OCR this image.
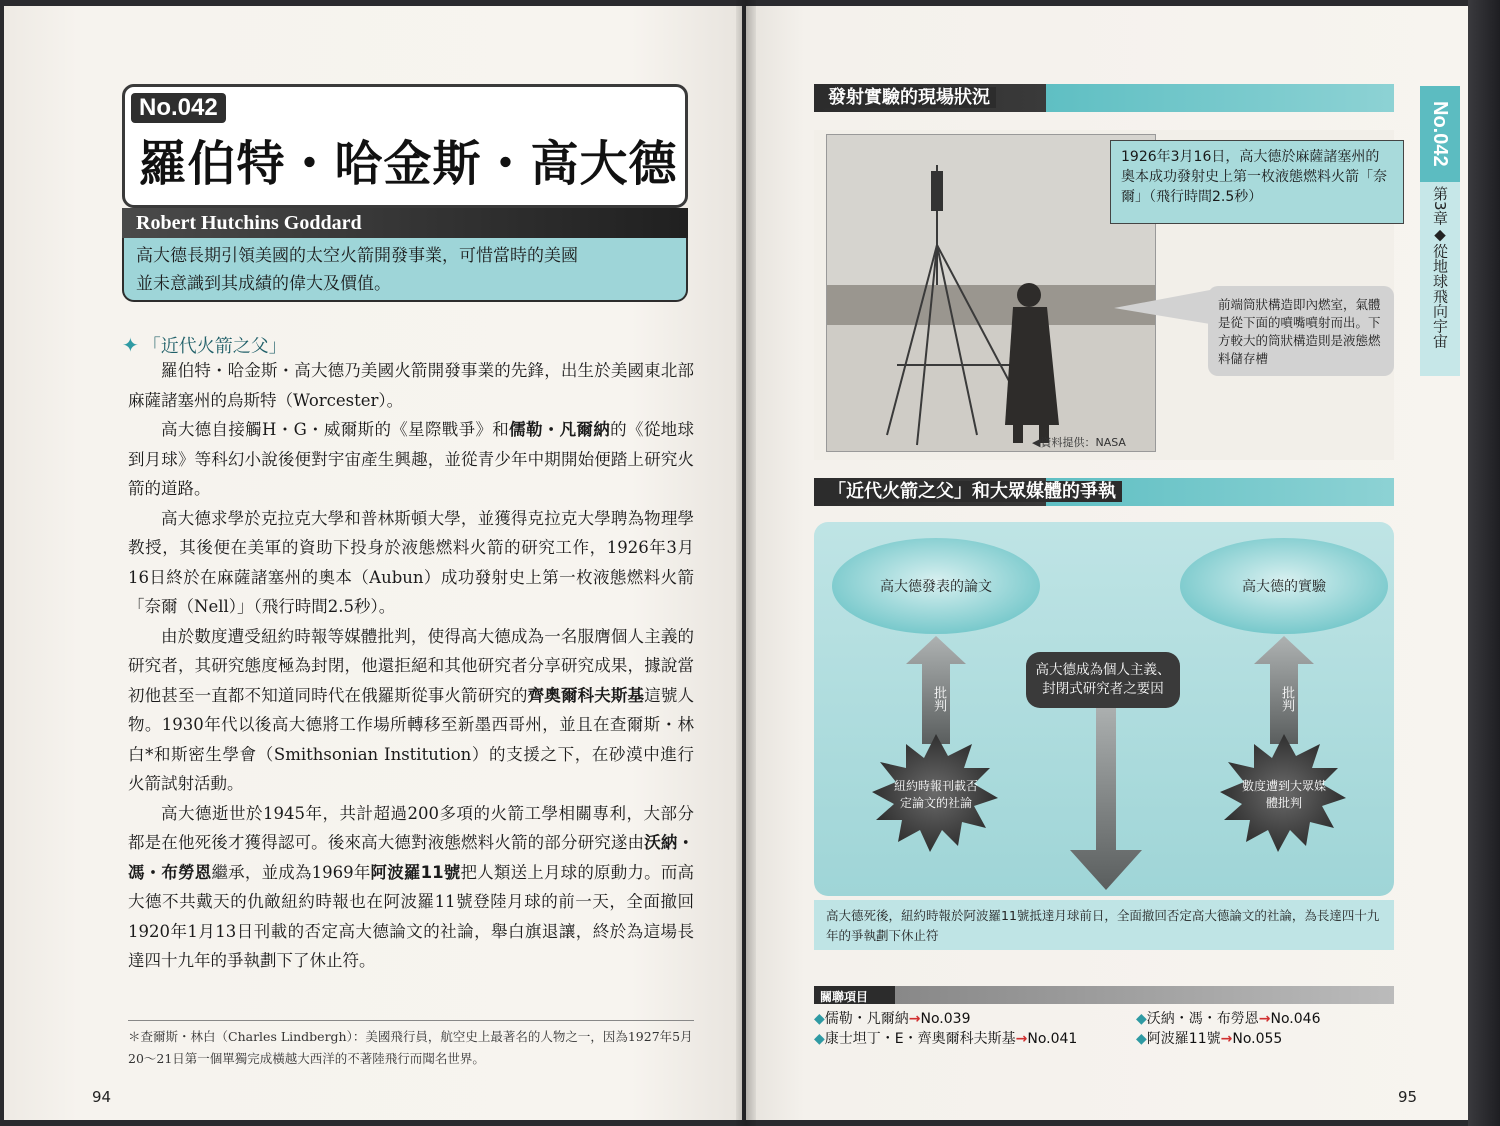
No.042
羅伯特・哈金斯・高大德
Robert Hutchins Goddard
高大德長期引領美國的太空火箭開發事業，可惜當時的美國
並未意識到其成績的偉大及價值。
✦ 「近代火箭之父」

羅伯特・哈金斯・高大德乃美國火箭開發事業的先鋒，出生於美國東北部麻薩諸塞州的烏斯特（Worcester）。

高大德自接觸H・G・威爾斯的《星際戰爭》和儒勒・凡爾納的《從地球到月球》等科幻小說後便對宇宙產生興趣，並從青少年中期開始便踏上研究火箭的道路。

高大德求學於克拉克大學和普林斯頓大學，並獲得克拉克大學聘為物理學教授，其後便在美軍的資助下投身於液態燃料火箭的研究工作，1926年3月16日終於在麻薩諸塞州的奧本（Aubun）成功發射史上第一枚液態燃料火箭「奈爾（Nell）」（飛行時間2.5秒）。

由於數度遭受紐約時報等媒體批判，使得高大德成為一名服膺個人主義的研究者，其研究態度極為封閉，他還拒絕和其他研究者分享研究成果，據說當初他甚至一直都不知道同時代在俄羅斯從事火箭研究的齊奧爾科夫斯基這號人物。1930年代以後高大德將工作場所轉移至新墨西哥州，並且在查爾斯・林白*和斯密生學會（Smithsonian Institution）的支援之下，在砂漠中進行火箭試射活動。

高大德逝世於1945年，共計超過200多項的火箭工學相關專利，大部分都是在他死後才獲得認可。後來高大德對液態燃料火箭的部分研究遂由沃納・馮・布勞恩繼承，並成為1969年阿波羅11號把人類送上月球的原動力。而高大德不共戴天的仇敵紐約時報也在阿波羅11號登陸月球的前一天，全面撤回1920年1月13日刊載的否定高大德論文的社論，舉白旗退讓，終於為這場長達四十九年的爭執劃下了休止符。

＊查爾斯・林白（Charles Lindbergh）：美國飛行員，航空史上最著名的人物之一，因為1927年5月20～21日第一個單獨完成橫越大西洋的不著陸飛行而聞名世界。
94
發射實驗的現場狀況
1926年3月16日，高大德於麻薩諸塞州的奧本成功發射史上第一枚液態燃料火箭「奈爾」（飛行時間2.5秒）
前端筒狀構造即內燃室，氣體是從下面的噴嘴噴射而出。下方較大的筒狀構造則是液態燃料儲存槽
◀資料提供：NASA
「近代火箭之父」和大眾媒體的爭執
高大德發表的論文	高大德的實驗
批判	批判
高大德成為個人主義、
封閉式研究者之要因
紐約時報刊載否
定論文的社論
數度遭到大眾媒
體批判
高大德死後，紐約時報於阿波羅11號抵達月球前日，全面撤回否定高大德論文的社論，為長達四十九年的爭執劃下休止符
關聯項目
◆儒勒・凡爾納→No.039
◆康士坦丁・E・齊奧爾科夫斯基→No.041
◆沃納・馮・布勞恩→No.046
◆阿波羅11號→No.055
No.042
第3章◆從地球飛向宇宙
95
